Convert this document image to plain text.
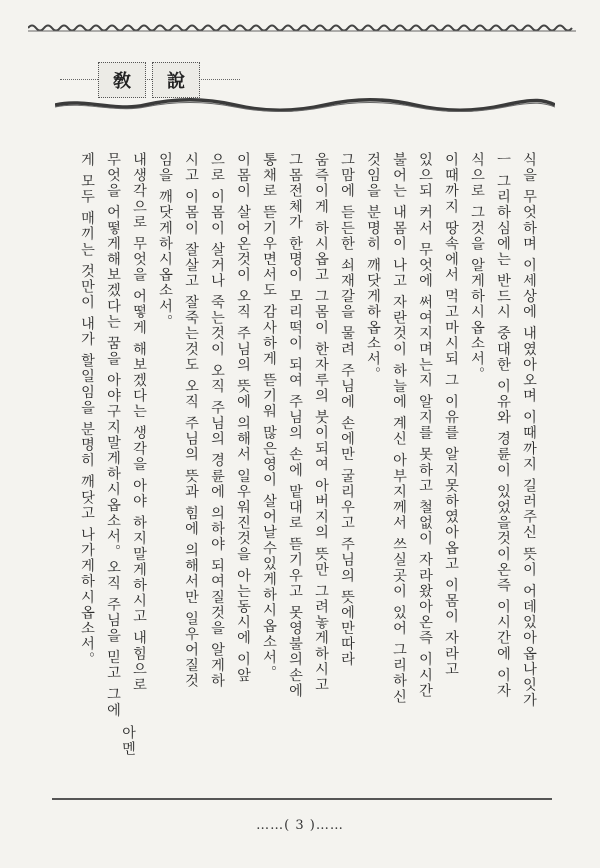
敎	說
식을 무엇하며 이세상에 내였아오며 이때까지 길러주신 뜻이 어데있아옵나잇가
ㅡ 그리하심에는 반드시 중대한 이유와 경륜이 있었을것이온즉 이시간에 이자
식으로 그것을 알게하시옵소서。
이때까지 땅속에서 먹고마시되 그 이유를 알지못하였아옵고 이몸이 자라고
있으되 커서 무엇에 써여지며는지 알지를 못하고 철없이 자라왔아온즉 이시간
불어는 내몸이 나고 자란것이 하늘에 계신 아부지께서 쓰실곳이 있어 그리하신
것임을 분명히 깨닷게하옵소서。
그맘에 듣든한 쇠재갈을 물려 주님에 손에만 굴리우고 주님의 뜻에만따라
움즉이게 하시옵고 그몸이 한자루의 붓이되여 아버지의 뜻만 그려놓게하시고
그몸전체가 한명이 모리떡이 되여 주님의 손에 맡대로 뜯기우고 못영불의손에
통채로 뜯기우면서도 감사하게 뜯기워 많은영이 살어날수있게하시옵소서。
이몸이 살어온것이 오직 주님의 뜻에 의해서 일우워진것을 아는동시에 이앞
으로 이몸이 살거나 죽는것이 오직 주님의 경륜에 의하야 되여질것을 알게하
시고 이몸이 잘살고 잘죽는것도 오직 주님의 뜻과 힘에 의해서만 일우어질것
임을 깨닷게하시옵소서。
내생각으로 무엇을 어떻게 해보겠다는 생각을 아야 하지말게하시고 내힘으로
무엇을 어떻게해보겠다는 꿈을 아야구지말게하시옵소서。오직 주님을 믿고 그에
게 모두 매끼는 것만이 내가 할일임을 분명히 깨닷고 나가게하시옵소서。
아멘
……( 3 )……
